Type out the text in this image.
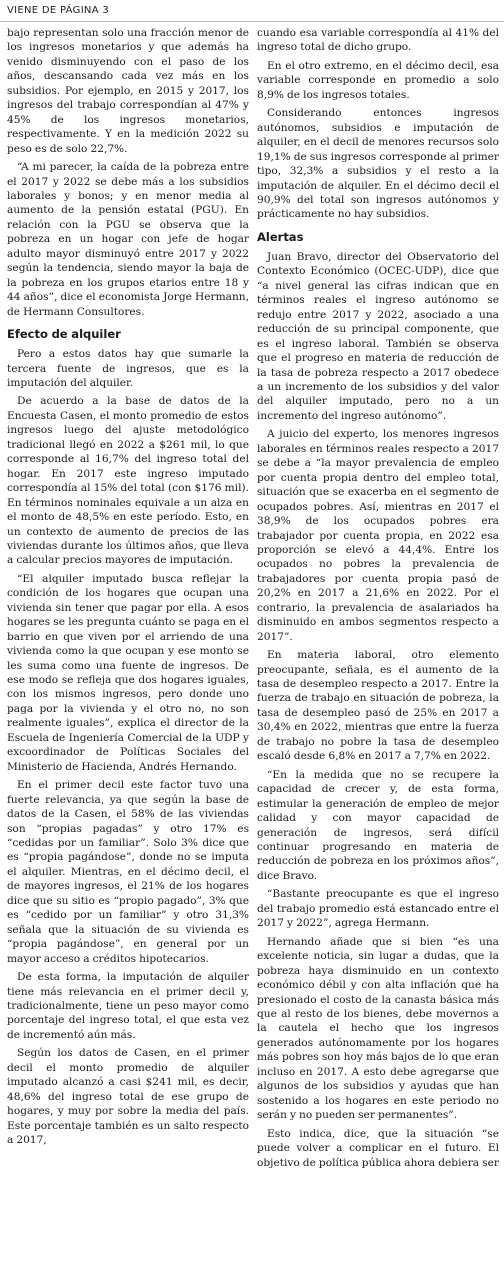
VIENE DE PÁGINA 3

bajo representan solo una fracción menor de los ingresos monetarios y que además ha venido disminuyendo con el paso de los años, descansando cada vez más en los subsidios. Por ejemplo, en 2015 y 2017, los ingresos del trabajo correspondían al 47% y 45% de los ingresos monetarios, respectivamente. Y en la medición 2022 su peso es de solo 22,7%.

“A mi parecer, la caída de la pobreza entre el 2017 y 2022 se debe más a los subsidios laborales y bonos; y en menor media al aumento de la pensión estatal (PGU). En relación con la PGU se observa que la pobreza en un hogar con jefe de hogar adulto mayor disminuyó entre 2017 y 2022 según la tendencia, siendo mayor la baja de la pobreza en los grupos etarios entre 18 y 44 años”, dice el economista Jorge Hermann, de Hermann Consultores.

Efecto de alquiler

Pero a estos datos hay que sumarle la tercera fuente de ingresos, que es la imputación del alquiler.

De acuerdo a la base de datos de la Encuesta Casen, el monto promedio de estos ingresos luego del ajuste metodológico tradicional llegó en 2022 a $261 mil, lo que corresponde al 16,7% del ingreso total del hogar. En 2017 este ingreso imputado correspondía al 15% del total (con $176 mil). En términos nominales equivale a un alza en el monto de 48,5% en este período. Esto, en un contexto de aumento de precios de las viviendas durante los últimos años, que lleva a calcular precios mayores de imputación.

“El alquiler imputado busca reflejar la condición de los hogares que ocupan una vivienda sin tener que pagar por ella. A esos hogares se les pregunta cuánto se paga en el barrio en que viven por el arriendo de una vivienda como la que ocupan y ese monto se les suma como una fuente de ingresos. De ese modo se refleja que dos hogares iguales, con los mismos ingresos, pero donde uno paga por la vivienda y el otro no, no son realmente iguales”, explica el director de la Escuela de Ingeniería Comercial de la UDP y excoordinador de Políticas Sociales del Ministerio de Hacienda, Andrés Hernando.

En el primer decil este factor tuvo una fuerte relevancia, ya que según la base de datos de la Casen, el 58% de las viviendas son “propias pagadas” y otro 17% es “cedidas por un familiar”. Solo 3% dice que es “propia pagándose”, donde no se imputa el alquiler. Mientras, en el décimo decil, el de mayores ingresos, el 21% de los hogares dice que su sitio es “propio pagado”, 3% que es “cedido por un familiar” y otro 31,3% señala que la situación de su vivienda es “propia pagándose”, en general por un mayor acceso a créditos hipotecarios.

De esta forma, la imputación de alquiler tiene más relevancia en el primer decil y, tradicionalmente, tiene un peso mayor como porcentaje del ingreso total, el que esta vez de incrementó aún más.

Según los datos de Casen, en el primer decil el monto promedio de alquiler imputado alcanzó a casi $241 mil, es decir, 48,6% del ingreso total de ese grupo de hogares, y muy por sobre la media del país. Este porcentaje también es un salto respecto a 2017,

cuando esa variable correspondía al 41% del ingreso total de dicho grupo.

En el otro extremo, en el décimo decil, esa variable corresponde en promedio a solo 8,9% de los ingresos totales.

Considerando entonces ingresos autónomos, subsidios e imputación de alquiler, en el decil de menores recursos solo 19,1% de sus ingresos corresponde al primer tipo, 32,3% a subsidios y el resto a la imputación de alquiler. En el décimo decil el 90,9% del total son ingresos autónomos y prácticamente no hay subsidios.

Alertas

Juan Bravo, director del Observatorio del Contexto Económico (OCEC-UDP), dice que “a nivel general las cifras indican que en términos reales el ingreso autónomo se redujo entre 2017 y 2022, asociado a una reducción de su principal componente, que es el ingreso laboral. También se observa que el progreso en materia de reducción de la tasa de pobreza respecto a 2017 obedece a un incremento de los subsidios y del valor del alquiler imputado, pero no a un incremento del ingreso autónomo”.

A juicio del experto, los menores ingresos laborales en términos reales respecto a 2017 se debe a “la mayor prevalencia de empleo por cuenta propia dentro del empleo total, situación que se exacerba en el segmento de ocupados pobres. Así, mientras en 2017 el 38,9% de los ocupados pobres era trabajador por cuenta propia, en 2022 esa proporción se elevó a 44,4%. Entre los ocupados no pobres la prevalencia de trabajadores por cuenta propia pasó de 20,2% en 2017 a 21,6% en 2022. Por el contrario, la prevalencia de asalariados ha disminuido en ambos segmentos respecto a 2017”.

En materia laboral, otro elemento preocupante, señala, es el aumento de la tasa de desempleo respecto a 2017. Entre la fuerza de trabajo en situación de pobreza, la tasa de desempleo pasó de 25% en 2017 a 30,4% en 2022, mientras que entre la fuerza de trabajo no pobre la tasa de desempleo escaló desde 6,8% en 2017 a 7,7% en 2022.

“En la medida que no se recupere la capacidad de crecer y, de esta forma, estimular la generación de empleo de mejor calidad y con mayor capacidad de generación de ingresos, será difícil continuar progresando en materia de reducción de pobreza en los próximos años”, dice Bravo.

“Bastante preocupante es que el ingreso del trabajo promedio está estancado entre el 2017 y 2022”, agrega Hermann.

Hernando añade que si bien “es una excelente noticia, sin lugar a dudas, que la pobreza haya disminuido en un contexto económico débil y con alta inflación que ha presionado el costo de la canasta básica más que al resto de los bienes, debe movernos a la cautela el hecho que los ingresos generados autónomamente por los hogares más pobres son hoy más bajos de lo que eran incluso en 2017. A esto debe agregarse que algunos de los subsidios y ayudas que han sostenido a los hogares en este periodo no serán y no pueden ser permanentes”.

Esto indica, dice, que la situación “se puede volver a complicar en el futuro. El objetivo de política pública ahora debiera ser
